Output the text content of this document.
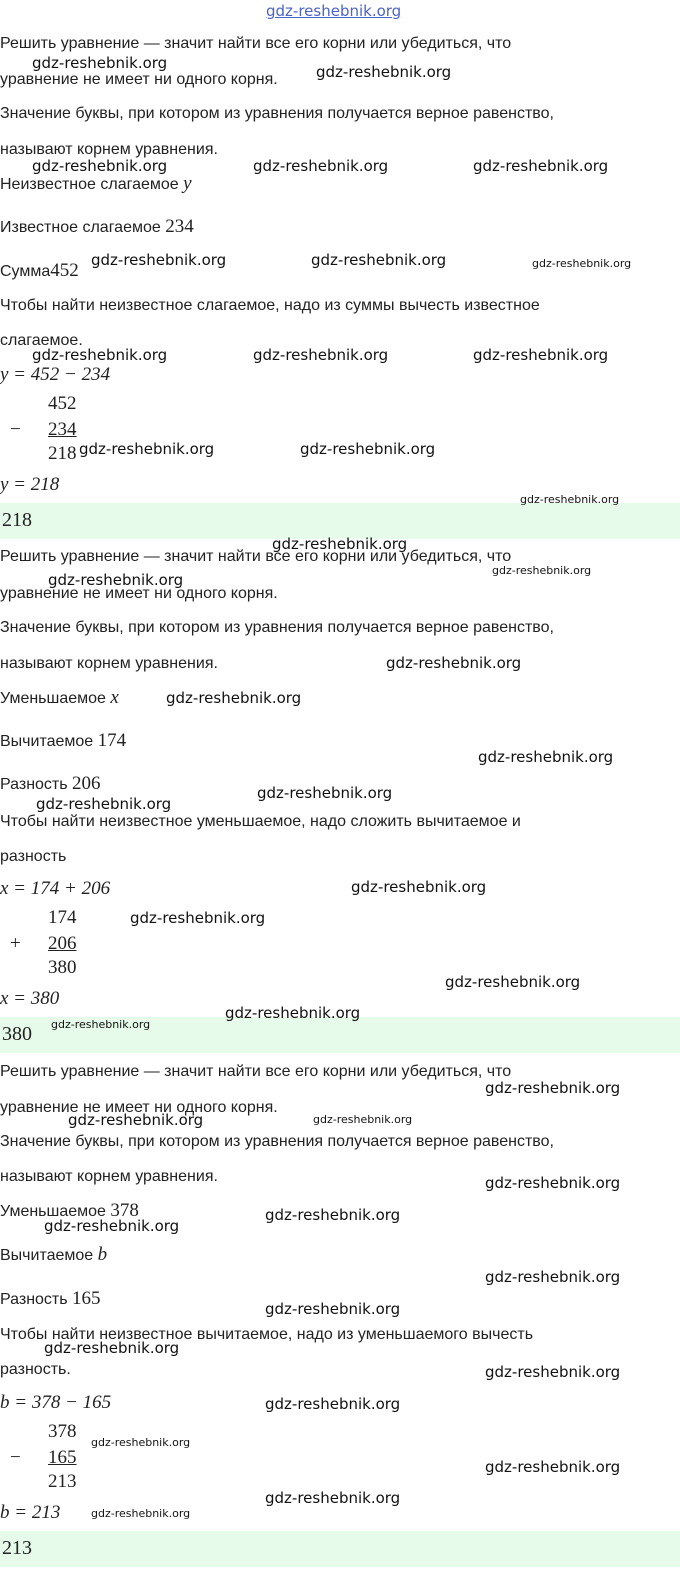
gdz-reshebnik.org
Решить уравнение — значит найти все его корни или убедиться, что
уравнение не имеет ни одного корня.
Значение буквы, при котором из уравнения получается верное равенство,
называют корнем уравнения.
Неизвестное слагаемое y
Известное слагаемое 234
Сумма452
Чтобы найти неизвестное слагаемое, надо из суммы вычесть известное
слагаемое.
y = 452 − 234
452
− 234
218
y = 218
218
Решить уравнение — значит найти все его корни или убедиться, что
уравнение не имеет ни одного корня.
Значение буквы, при котором из уравнения получается верное равенство,
называют корнем уравнения.
Уменьшаемое x
Вычитаемое 174
Разность 206
Чтобы найти неизвестное уменьшаемое, надо сложить вычитаемое и
разность
x = 174 + 206
174
+ 206
380
x = 380
380
Решить уравнение — значит найти все его корни или убедиться, что
уравнение не имеет ни одного корня.
Значение буквы, при котором из уравнения получается верное равенство,
называют корнем уравнения.
Уменьшаемое 378
Вычитаемое b
Разность 165
Чтобы найти неизвестное вычитаемое, надо из уменьшаемого вычесть
разность.
b = 378 − 165
378
− 165
213
b = 213
213
gdz-reshebnik.org	gdz-reshebnik.org
gdz-reshebnik.org	gdz-reshebnik.org	gdz-reshebnik.org
gdz-reshebnik.org	gdz-reshebnik.org	gdz-reshebnik.org
gdz-reshebnik.org	gdz-reshebnik.org	gdz-reshebnik.org
gdz-reshebnik.org	gdz-reshebnik.org
gdz-reshebnik.org
gdz-reshebnik.org
gdz-reshebnik.org
gdz-reshebnik.org
gdz-reshebnik.org
gdz-reshebnik.org
gdz-reshebnik.org
gdz-reshebnik.org
gdz-reshebnik.org
gdz-reshebnik.org
gdz-reshebnik.org
gdz-reshebnik.org
gdz-reshebnik.org
gdz-reshebnik.org
gdz-reshebnik.org
gdz-reshebnik.org	gdz-reshebnik.org
gdz-reshebnik.org
gdz-reshebnik.org
gdz-reshebnik.org
gdz-reshebnik.org
gdz-reshebnik.org
gdz-reshebnik.org
gdz-reshebnik.org
gdz-reshebnik.org
gdz-reshebnik.org
gdz-reshebnik.org
gdz-reshebnik.org
gdz-reshebnik.org
